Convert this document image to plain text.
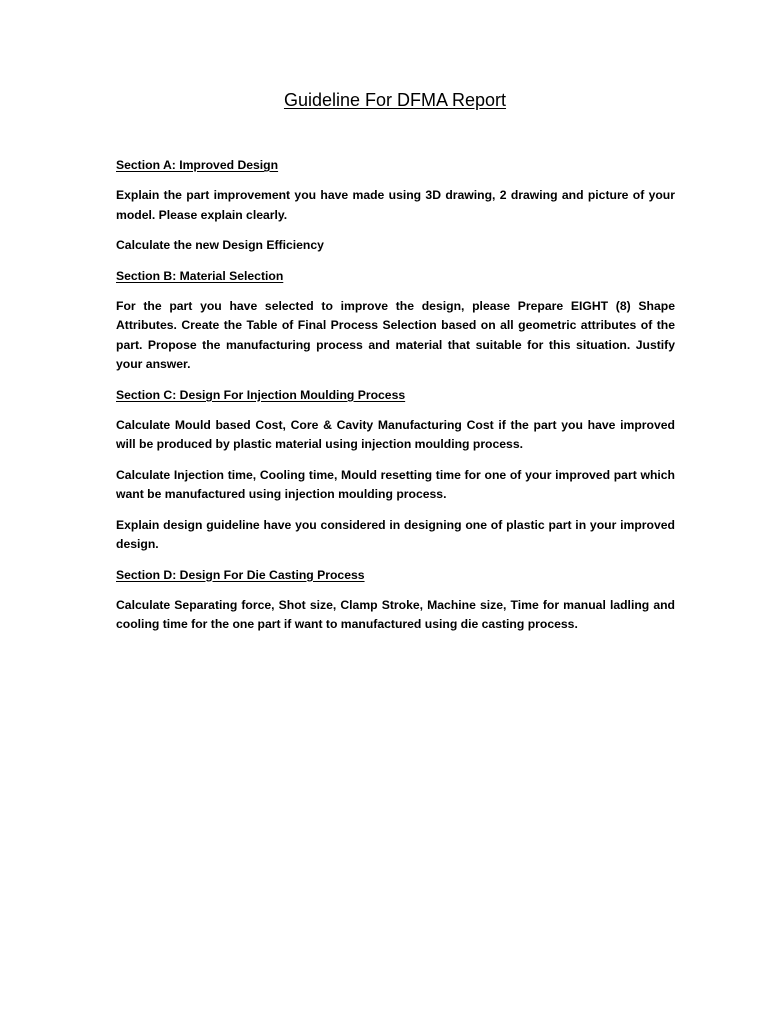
Guideline For DFMA Report
Section A: Improved Design

Explain the part improvement you have made using 3D drawing, 2 drawing and picture of your model. Please explain clearly.

Calculate the new Design Efficiency

Section B: Material Selection

For the part you have selected to improve the design, please Prepare EIGHT (8) Shape Attributes. Create the Table of Final Process Selection based on all geometric attributes of the part. Propose the manufacturing process and material that suitable for this situation. Justify your answer.

Section C: Design For Injection Moulding Process

Calculate Mould based Cost, Core & Cavity Manufacturing Cost if the part you have improved will be produced by plastic material using injection moulding process.

Calculate Injection time, Cooling time, Mould resetting time for one of your improved part which want be manufactured using injection moulding process.

Explain design guideline have you considered in designing one of plastic part in your improved design.

Section D: Design For Die Casting Process

Calculate Separating force, Shot size, Clamp Stroke, Machine size, Time for manual ladling and cooling time for the one part if want to manufactured using die casting process.
